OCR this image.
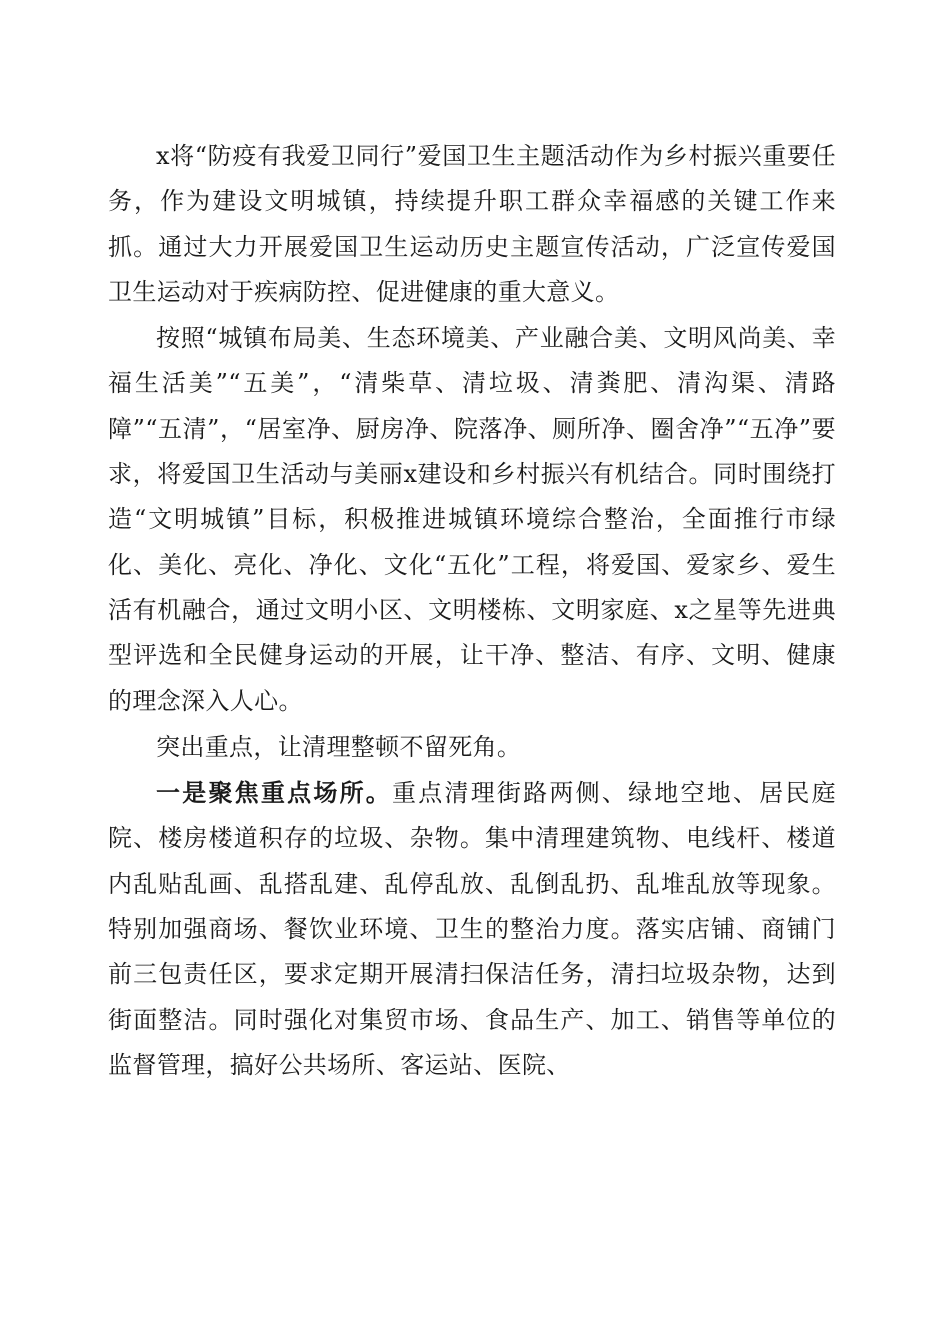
x将“防疫有我爱卫同行”爱国卫生主题活动作为乡村振兴重要任务，作为建设文明城镇，持续提升职工群众幸福感的关键工作来抓。通过大力开展爱国卫生运动历史主题宣传活动，广泛宣传爱国卫生运动对于疾病防控、促进健康的重大意义。

按照“城镇布局美、生态环境美、产业融合美、文明风尚美、幸福生活美”“五美”，“清柴草、清垃圾、清粪肥、清沟渠、清路障”“五清”，“居室净、厨房净、院落净、厕所净、圈舍净”“五净”要求，将爱国卫生活动与美丽x建设和乡村振兴有机结合。同时围绕打造“文明城镇”目标，积极推进城镇环境综合整治，全面推行市绿化、美化、亮化、净化、文化“五化”工程，将爱国、爱家乡、爱生活有机融合，通过文明小区、文明楼栋、文明家庭、x之星等先进典型评选和全民健身运动的开展，让干净、整洁、有序、文明、健康的理念深入人心。

突出重点，让清理整顿不留死角。

一是聚焦重点场所。重点清理街路两侧、绿地空地、居民庭院、楼房楼道积存的垃圾、杂物。集中清理建筑物、电线杆、楼道内乱贴乱画、乱搭乱建、乱停乱放、乱倒乱扔、乱堆乱放等现象。特别加强商场、餐饮业环境、卫生的整治力度。落实店铺、商铺门前三包责任区，要求定期开展清扫保洁任务，清扫垃圾杂物，达到街面整洁。同时强化对集贸市场、食品生产、加工、销售等单位的监督管理，搞好公共场所、客运站、医院、
